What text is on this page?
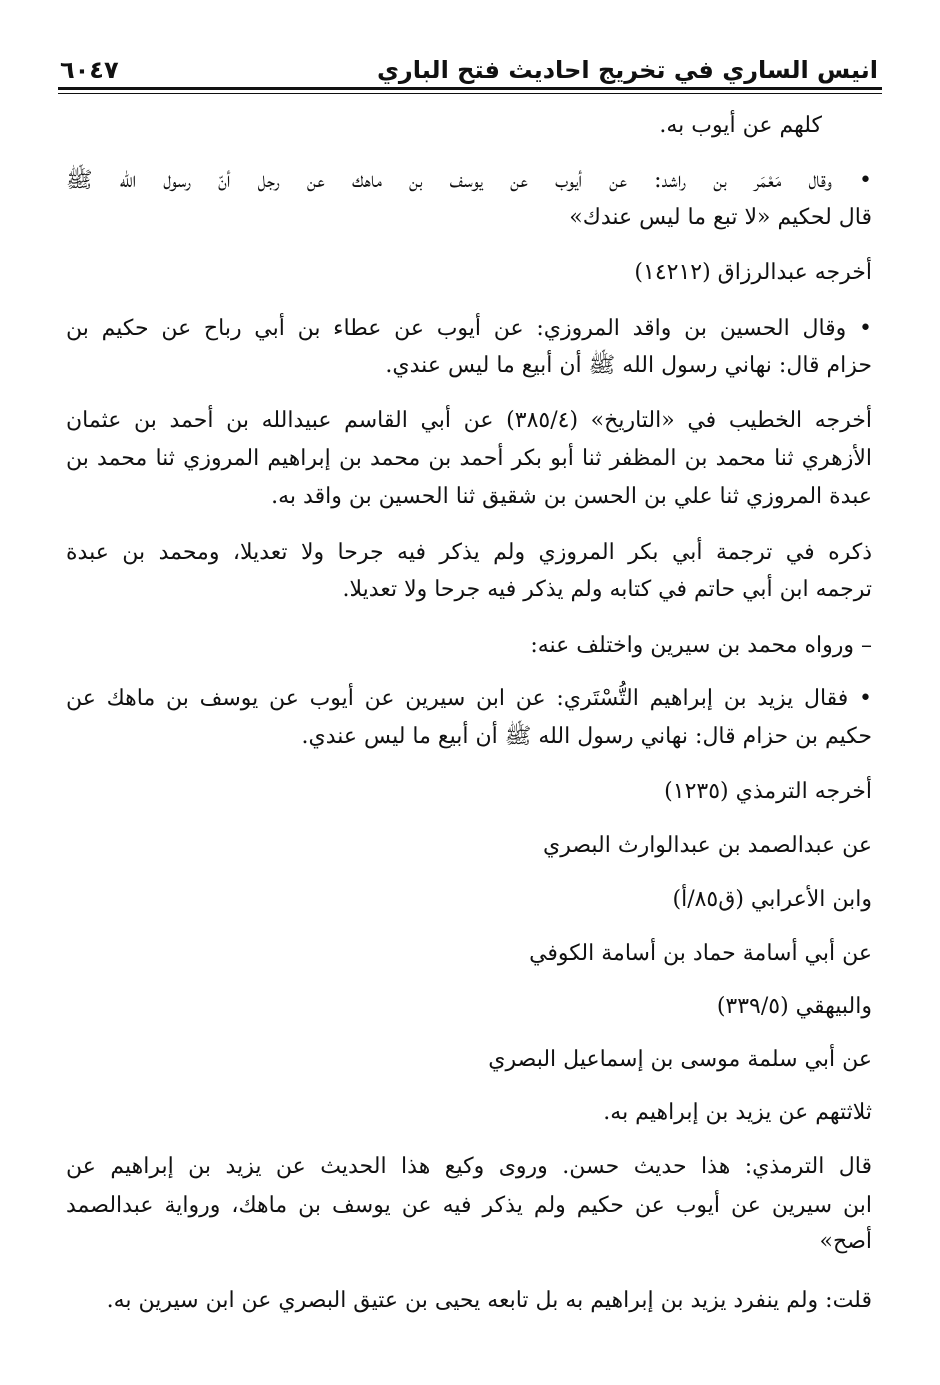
انيس الساري في تخريج احاديث فتح الباري
٦٠٤٧
كلهم عن أيوب به.
• وقال مَعْمَر بن راشد: عن أيوب عن يوسف بن ماهك عن رجل أنّ رسول الله ﷺ
قال لحكيم «لا تبع ما ليس عندك»
أخرجه عبدالرزاق (١٤٢١٢)
• وقال الحسين بن واقد المروزي: عن أيوب عن عطاء بن أبي رباح عن حكيم بن
حزام قال: نهاني رسول الله ﷺ أن أبيع ما ليس عندي.
أخرجه الخطيب في «التاريخ» (٣٨٥/٤) عن أبي القاسم عبيدالله بن أحمد بن عثمان
الأزهري ثنا محمد بن المظفر ثنا أبو بكر أحمد بن محمد بن إبراهيم المروزي ثنا محمد بن
عبدة المروزي ثنا علي بن الحسن بن شقيق ثنا الحسين بن واقد به.
ذكره في ترجمة أبي بكر المروزي ولم يذكر فيه جرحا ولا تعديلا، ومحمد بن عبدة
ترجمه ابن أبي حاتم في كتابه ولم يذكر فيه جرحا ولا تعديلا.
– ورواه محمد بن سيرين واختلف عنه:
• فقال يزيد بن إبراهيم التُّسْتَري: عن ابن سيرين عن أيوب عن يوسف بن ماهك عن
حكيم بن حزام قال: نهاني رسول الله ﷺ أن أبيع ما ليس عندي.
أخرجه الترمذي (١٢٣٥)
عن عبدالصمد بن عبدالوارث البصري
وابن الأعرابي (ق٨٥/أ)
عن أبي أسامة حماد بن أسامة الكوفي
والبيهقي (٣٣٩/٥)
عن أبي سلمة موسى بن إسماعيل البصري
ثلاثتهم عن يزيد بن إبراهيم به.
قال الترمذي: هذا حديث حسن. وروى وكيع هذا الحديث عن يزيد بن إبراهيم عن
ابن سيرين عن أيوب عن حكيم ولم يذكر فيه عن يوسف بن ماهك، ورواية عبدالصمد
أصح»
قلت: ولم ينفرد يزيد بن إبراهيم به بل تابعه يحيى بن عتيق البصري عن ابن سيرين به.
